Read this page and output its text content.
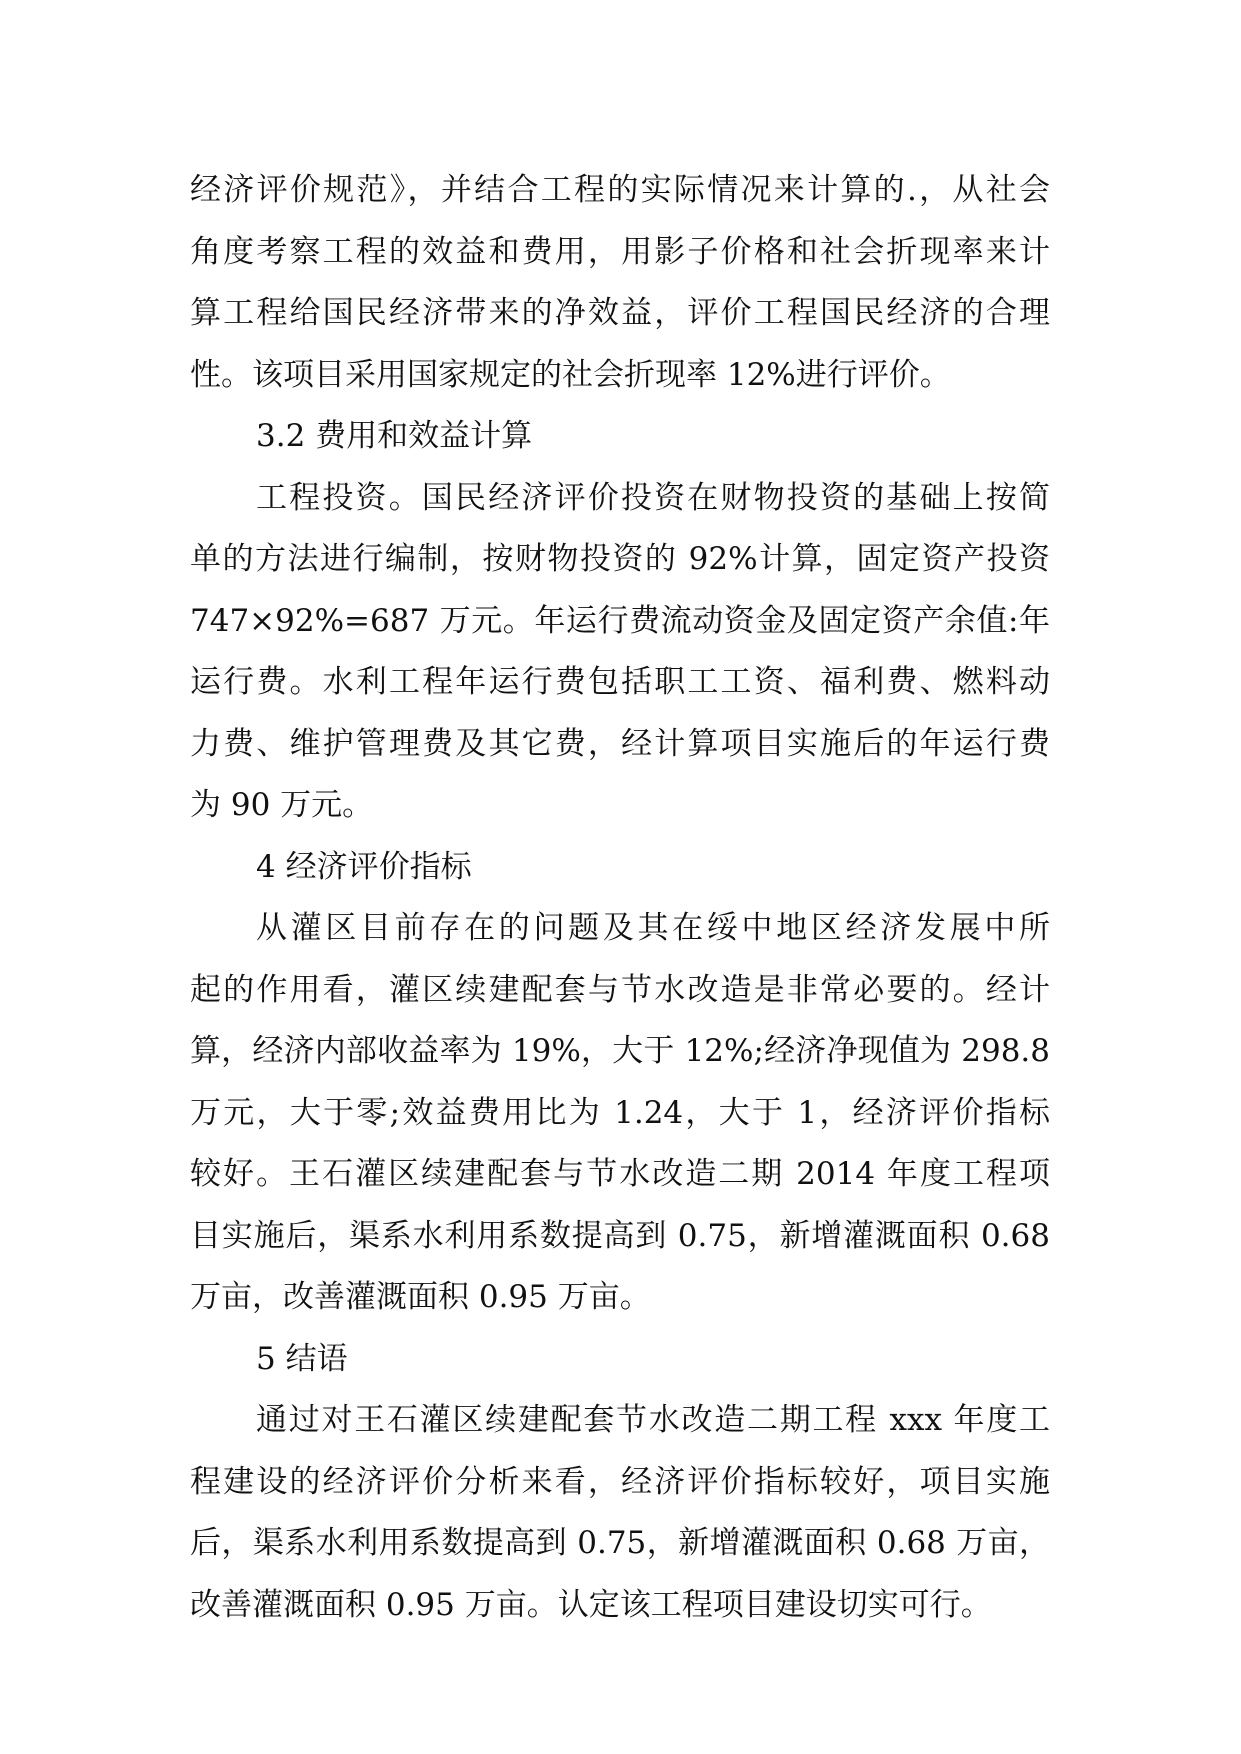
经济评价规范》，并结合工程的实际情况来计算的.，从社会
角度考察工程的效益和费用，用影子价格和社会折现率来计
算工程给国民经济带来的净效益，评价工程国民经济的合理
性。该项目采用国家规定的社会折现率 12%进行评价。
3.2 费用和效益计算
工程投资。国民经济评价投资在财物投资的基础上按简
单的方法进行编制，按财物投资的 92%计算，固定资产投资
747×92%=687 万元。年运行费流动资金及固定资产余值:年
运行费。水利工程年运行费包括职工工资、福利费、燃料动
力费、维护管理费及其它费，经计算项目实施后的年运行费
为 90 万元。
4 经济评价指标
从灌区目前存在的问题及其在绥中地区经济发展中所
起的作用看，灌区续建配套与节水改造是非常必要的。经计
算，经济内部收益率为 19%，大于 12%;经济净现值为 298.8
万元，大于零;效益费用比为 1.24，大于 1，经济评价指标
较好。王石灌区续建配套与节水改造二期 2014 年度工程项
目实施后，渠系水利用系数提高到 0.75，新增灌溉面积 0.68
万亩，改善灌溉面积 0.95 万亩。
5 结语
通过对王石灌区续建配套节水改造二期工程 xxx 年度工
程建设的经济评价分析来看，经济评价指标较好，项目实施
后，渠系水利用系数提高到 0.75，新增灌溉面积 0.68 万亩，
改善灌溉面积 0.95 万亩。认定该工程项目建设切实可行。
